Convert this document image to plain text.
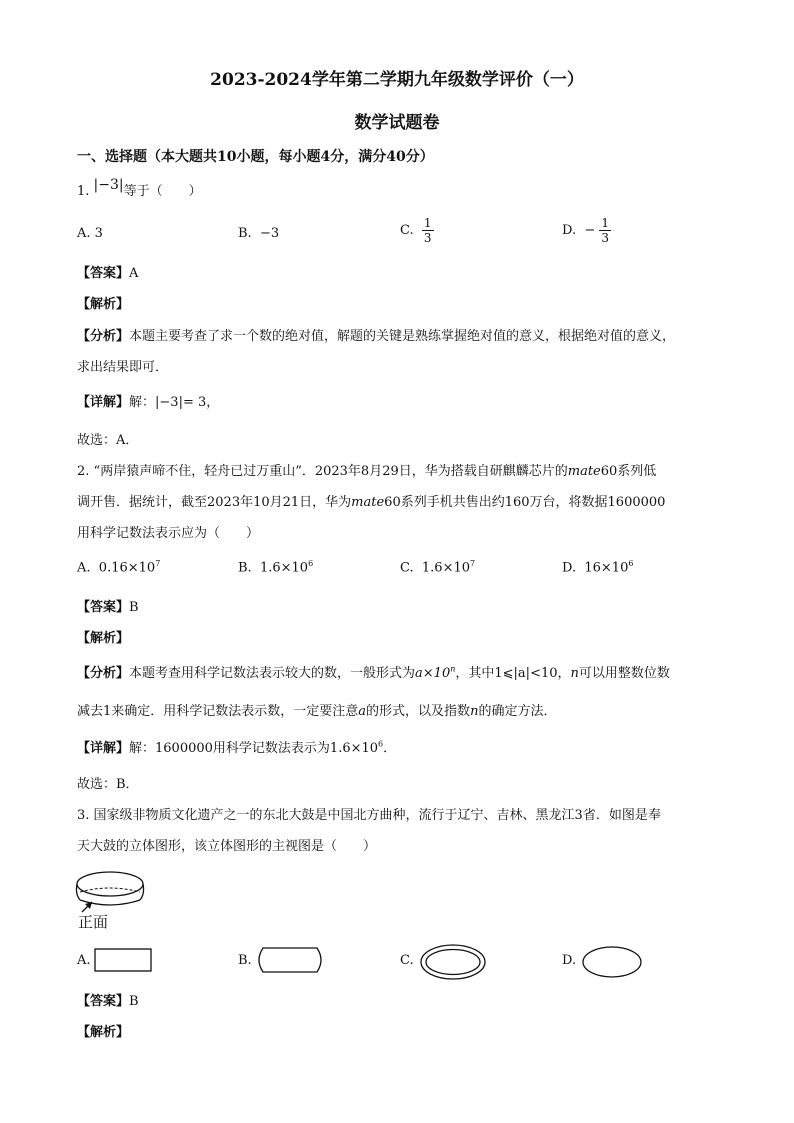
2023-2024学年第二学期九年级数学评价（一）
数学试题卷
一、选择题（本大题共10小题，每小题4分，满分40分）
1. |−3|等于（　　）
A. 3	B. −3	C. $\frac{1}{3}$	D. − $\frac{1}{3}$
【答案】A
【解析】
【分析】本题主要考查了求一个数的绝对值，解题的关键是熟练掌握绝对值的意义，根据绝对值的意义，
求出结果即可．
【详解】解：|−3|= 3，
故选：A．
2. “两岸猿声啼不住，轻舟已过万重山”．2023年8月29日，华为搭载自研麒麟芯片的mate60系列低
调开售．据统计，截至2023年10月21日，华为mate60系列手机共售出约160万台，将数据1600000
用科学记数法表示应为（　　）
A. $0.16\times 10^7$	B. $1.6\times 10^6$	C. $1.6\times 10^7$	D. $16\times 10^6$
【答案】B
【解析】
【分析】本题考查用科学记数法表示较大的数，一般形式为$a\times 10^n$，其中1⩽|a|<10，n可以用整数位数
减去1来确定．用科学记数法表示数，一定要注意a的形式，以及指数n的确定方法．
【详解】解：1600000用科学记数法表示为$1.6\times 10^6$．
故选：B．
3. 国家级非物质文化遗产之一的东北大鼓是中国北方曲种，流行于辽宁、吉林、黑龙江3省．如图是奉
天大鼓的立体图形，该立体图形的主视图是（　　）
正面
A.	B.	C.	D.
【答案】B
【解析】
